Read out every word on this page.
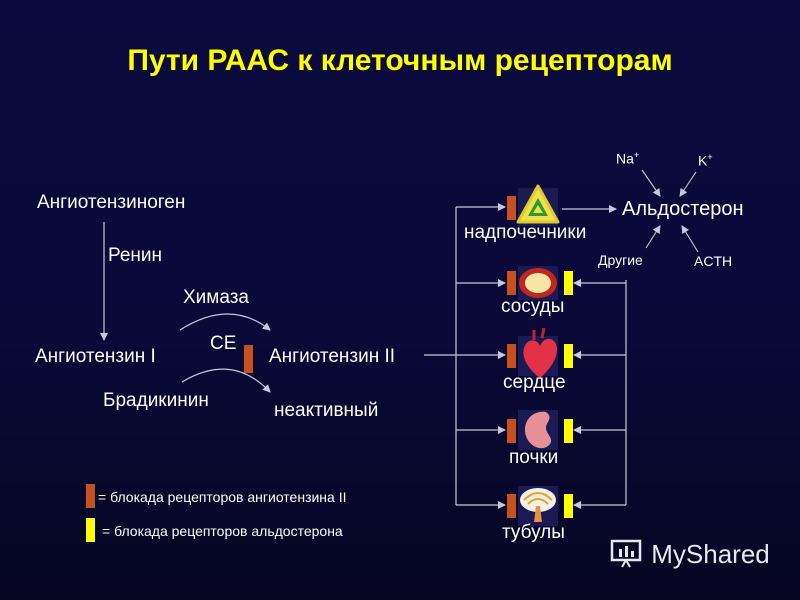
Пути РААС к клеточным рецепторам
Ангиотензиноген
Ренин
Химаза
CE
Ангиотензин I	Ангиотензин II
Брадикинин	неактивный
надпочечники
сосуды
сердце
почки
тубулы
Альдостерон
Na+	K+
Другие	ACTH
= блокада рецепторов ангиотензина II
= блокада рецепторов альдостерона
MyShared
